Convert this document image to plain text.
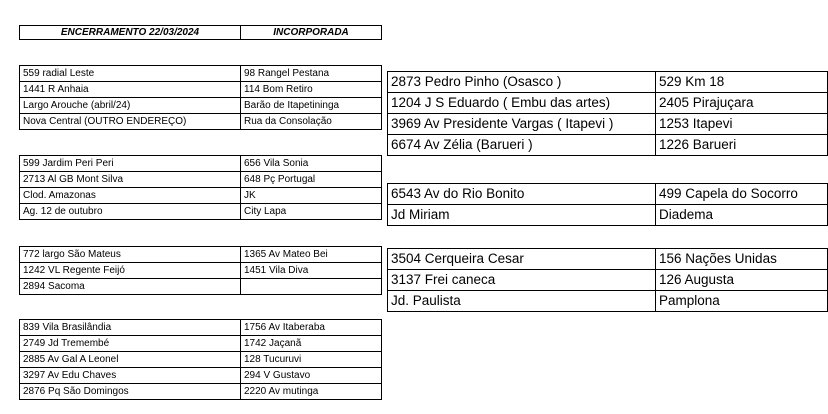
ENCERRAMENTO 22/03/2024	INCORPORADA
559 radial Leste	98 Rangel Pestana
1441 R Anhaia	114 Bom Retiro
Largo Arouche (abril/24)	Barão de Itapetininga
Nova Central (OUTRO ENDEREÇO)	Rua da Consolação
599 Jardim Peri Peri	656 Vila Sonia
2713 Al GB Mont Silva	648 Pç Portugal
Clod. Amazonas	JK
Ag. 12 de outubro	City Lapa
772 largo São Mateus	1365 Av Mateo Bei
1242 VL Regente Feijó	1451 Vila Diva
2894 Sacoma	
839 Vila Brasilândia	1756 Av Itaberaba
2749 Jd Tremembé	1742 Jaçanã
2885 Av Gal A Leonel	128 Tucuruvi
3297 Av Edu Chaves	294 V Gustavo
2876 Pq São Domingos	2220 Av mutinga
2873 Pedro Pinho (Osasco )	529 Km 18
1204 J S Eduardo ( Embu das artes)	2405 Pirajuçara
3969 Av Presidente Vargas ( Itapevi )	1253 Itapevi
6674 Av Zélia (Barueri )	1226 Barueri
6543 Av do Rio Bonito	499 Capela do Socorro
Jd Miriam	Diadema
3504 Cerqueira Cesar	156 Nações Unidas
3137 Frei caneca	126 Augusta
Jd. Paulista	Pamplona
